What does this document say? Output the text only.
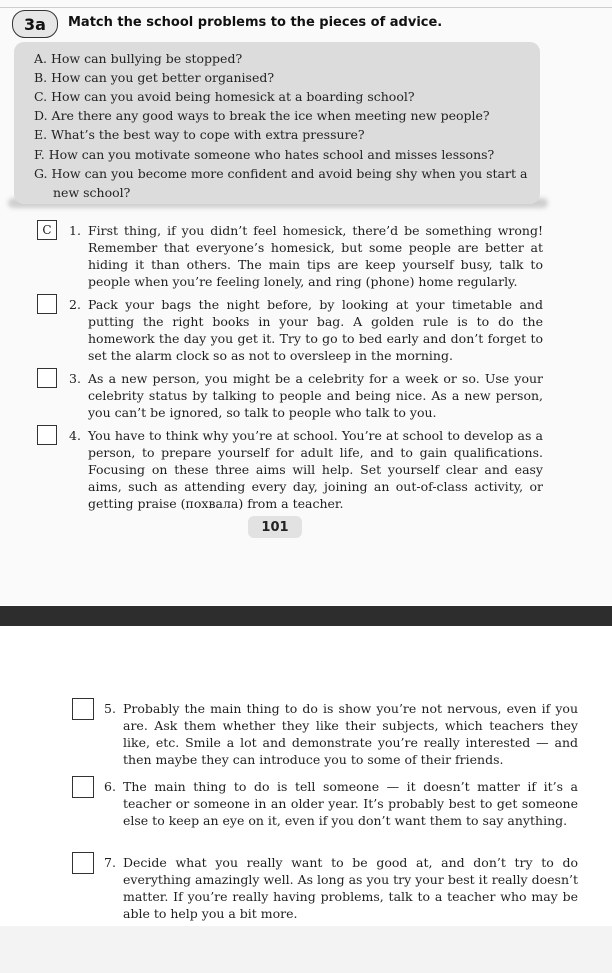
3a	Match the school problems to the pieces of advice.
A. How can bullying be stopped?
B. How can you get better organised?
C. How can you avoid being homesick at a boarding school?
D. Are there any good ways to break the ice when meeting new people?
E. What’s the best way to cope with extra pressure?
F. How can you motivate someone who hates school and misses lessons?
G. How can you become more confident and avoid being shy when you start a new school?
C	1. First thing, if you didn’t feel homesick, there’d be something wrong! Remember that everyone’s homesick, but some people are better at hiding it than others. The main tips are keep yourself busy, talk to people when you’re feeling lonely, and ring (phone) home regularly.
2. Pack your bags the night before, by looking at your timetable and putting the right books in your bag. A golden rule is to do the homework the day you get it. Try to go to bed early and don’t forget to set the alarm clock so as not to oversleep in the morning.
3. As a new person, you might be a celebrity for a week or so. Use your celebrity status by talking to people and being nice. As a new person, you can’t be ignored, so talk to people who talk to you.
4. You have to think why you’re at school. You’re at school to develop as a person, to prepare yourself for adult life, and to gain qualifications. Focusing on these three aims will help. Set yourself clear and easy aims, such as attending every day, joining an out-of-class activity, or getting praise (похвала) from a teacher.
101
5. Probably the main thing to do is show you’re not nervous, even if you are. Ask them whether they like their subjects, which teachers they like, etc. Smile a lot and demonstrate you’re really interested — and then maybe they can introduce you to some of their friends.
6. The main thing to do is tell someone — it doesn’t matter if it’s a teacher or someone in an older year. It’s probably best to get someone else to keep an eye on it, even if you don’t want them to say anything.
7. Decide what you really want to be good at, and don’t try to do everything amazingly well. As long as you try your best it really doesn’t matter. If you’re really having problems, talk to a teacher who may be able to help you a bit more.
